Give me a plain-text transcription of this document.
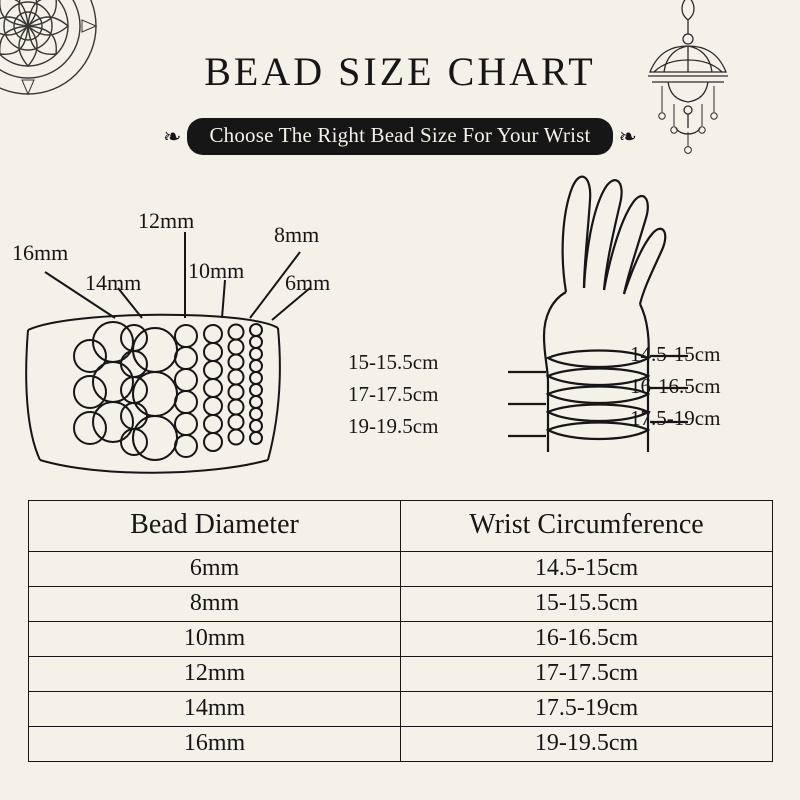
BEAD SIZE CHART
❧	Choose The Right Bead Size For Your Wrist	❧
16mm
14mm
12mm
10mm
8mm
6mm
15-15.5cm
17-17.5cm
19-19.5cm
14.5-15cm
16-16.5cm
17.5-19cm
Bead Diameter	Wrist Circumference
6mm	14.5-15cm
8mm	15-15.5cm
10mm	16-16.5cm
12mm	17-17.5cm
14mm	17.5-19cm
16mm	19-19.5cm
